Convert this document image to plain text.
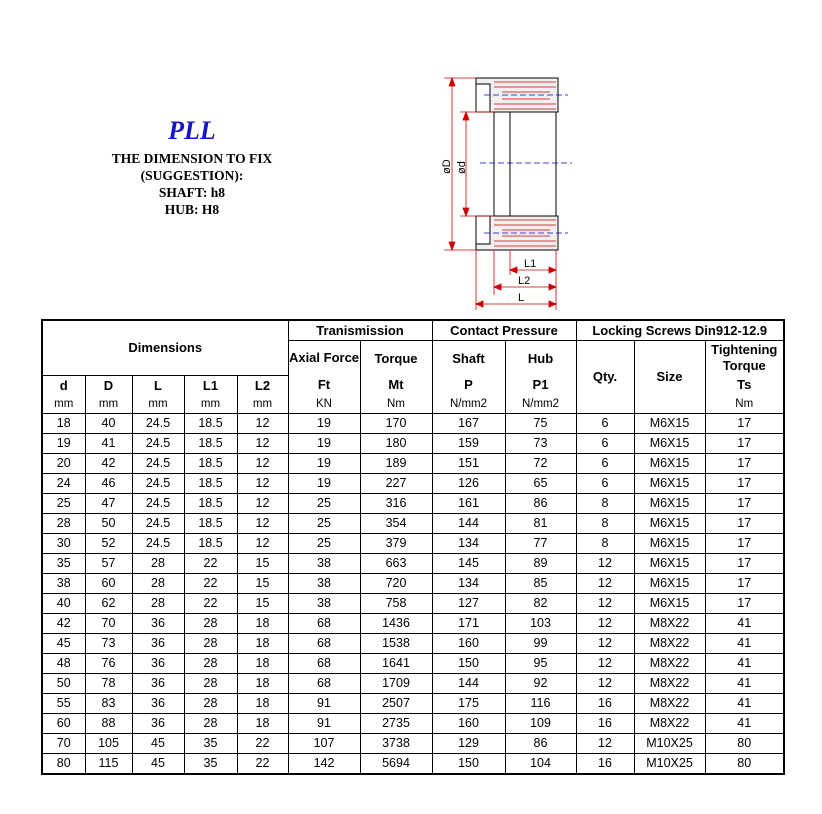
PLL
THE DIMENSION TO FIX
(SUGGESTION):
SHAFT: h8
HUB: H8
øD ød
L1
L2
L
Dimensions					Tranismission		Contact Pressure		Locking Screws Din912-12.9		
					Axial Force	Torque	Shaft	Hub	Qty.	Size	Tightening Torque
d	D	L	L1	L2	Ft	Mt	P	P1			Ts
mm	mm	mm	mm	mm	KN	Nm	N/mm2	N/mm2			Nm
18	40	24.5	18.5	12	19	170	167	75	6	M6X15	17
19	41	24.5	18.5	12	19	180	159	73	6	M6X15	17
20	42	24.5	18.5	12	19	189	151	72	6	M6X15	17
24	46	24.5	18.5	12	19	227	126	65	6	M6X15	17
25	47	24.5	18.5	12	25	316	161	86	8	M6X15	17
28	50	24.5	18.5	12	25	354	144	81	8	M6X15	17
30	52	24.5	18.5	12	25	379	134	77	8	M6X15	17
35	57	28	22	15	38	663	145	89	12	M6X15	17
38	60	28	22	15	38	720	134	85	12	M6X15	17
40	62	28	22	15	38	758	127	82	12	M6X15	17
42	70	36	28	18	68	1436	171	103	12	M8X22	41
45	73	36	28	18	68	1538	160	99	12	M8X22	41
48	76	36	28	18	68	1641	150	95	12	M8X22	41
50	78	36	28	18	68	1709	144	92	12	M8X22	41
55	83	36	28	18	91	2507	175	116	16	M8X22	41
60	88	36	28	18	91	2735	160	109	16	M8X22	41
70	105	45	35	22	107	3738	129	86	12	M10X25	80
80	115	45	35	22	142	5694	150	104	16	M10X25	80
